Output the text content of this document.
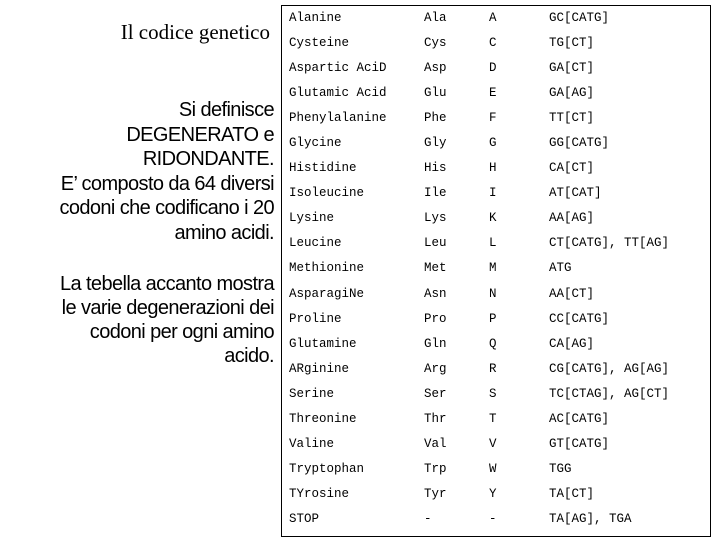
Il codice genetico
Si definisce
DEGENERATO e
RIDONDANTE.
E’ composto da 64 diversi
codoni che codificano i 20
amino acidi.
La tebella accanto mostra
le varie degenerazioni dei
codoni per ogni amino
acido.
Alanine	Ala	A	GC[CATG]
Cysteine	Cys	C	TG[CT]
Aspartic AciD	Asp	D	GA[CT]
Glutamic Acid	Glu	E	GA[AG]
Phenylalanine	Phe	F	TT[CT]
Glycine	Gly	G	GG[CATG]
Histidine	His	H	CA[CT]
Isoleucine	Ile	I	AT[CAT]
Lysine	Lys	K	AA[AG]
Leucine	Leu	L	CT[CATG], TT[AG]
Methionine	Met	M	ATG
AsparagiNe	Asn	N	AA[CT]
Proline	Pro	P	CC[CATG]
Glutamine	Gln	Q	CA[AG]
ARginine	Arg	R	CG[CATG], AG[AG]
Serine	Ser	S	TC[CTAG], AG[CT]
Threonine	Thr	T	AC[CATG]
Valine	Val	V	GT[CATG]
Tryptophan	Trp	W	TGG
TYrosine	Tyr	Y	TA[CT]
STOP	-	-	TA[AG], TGA
